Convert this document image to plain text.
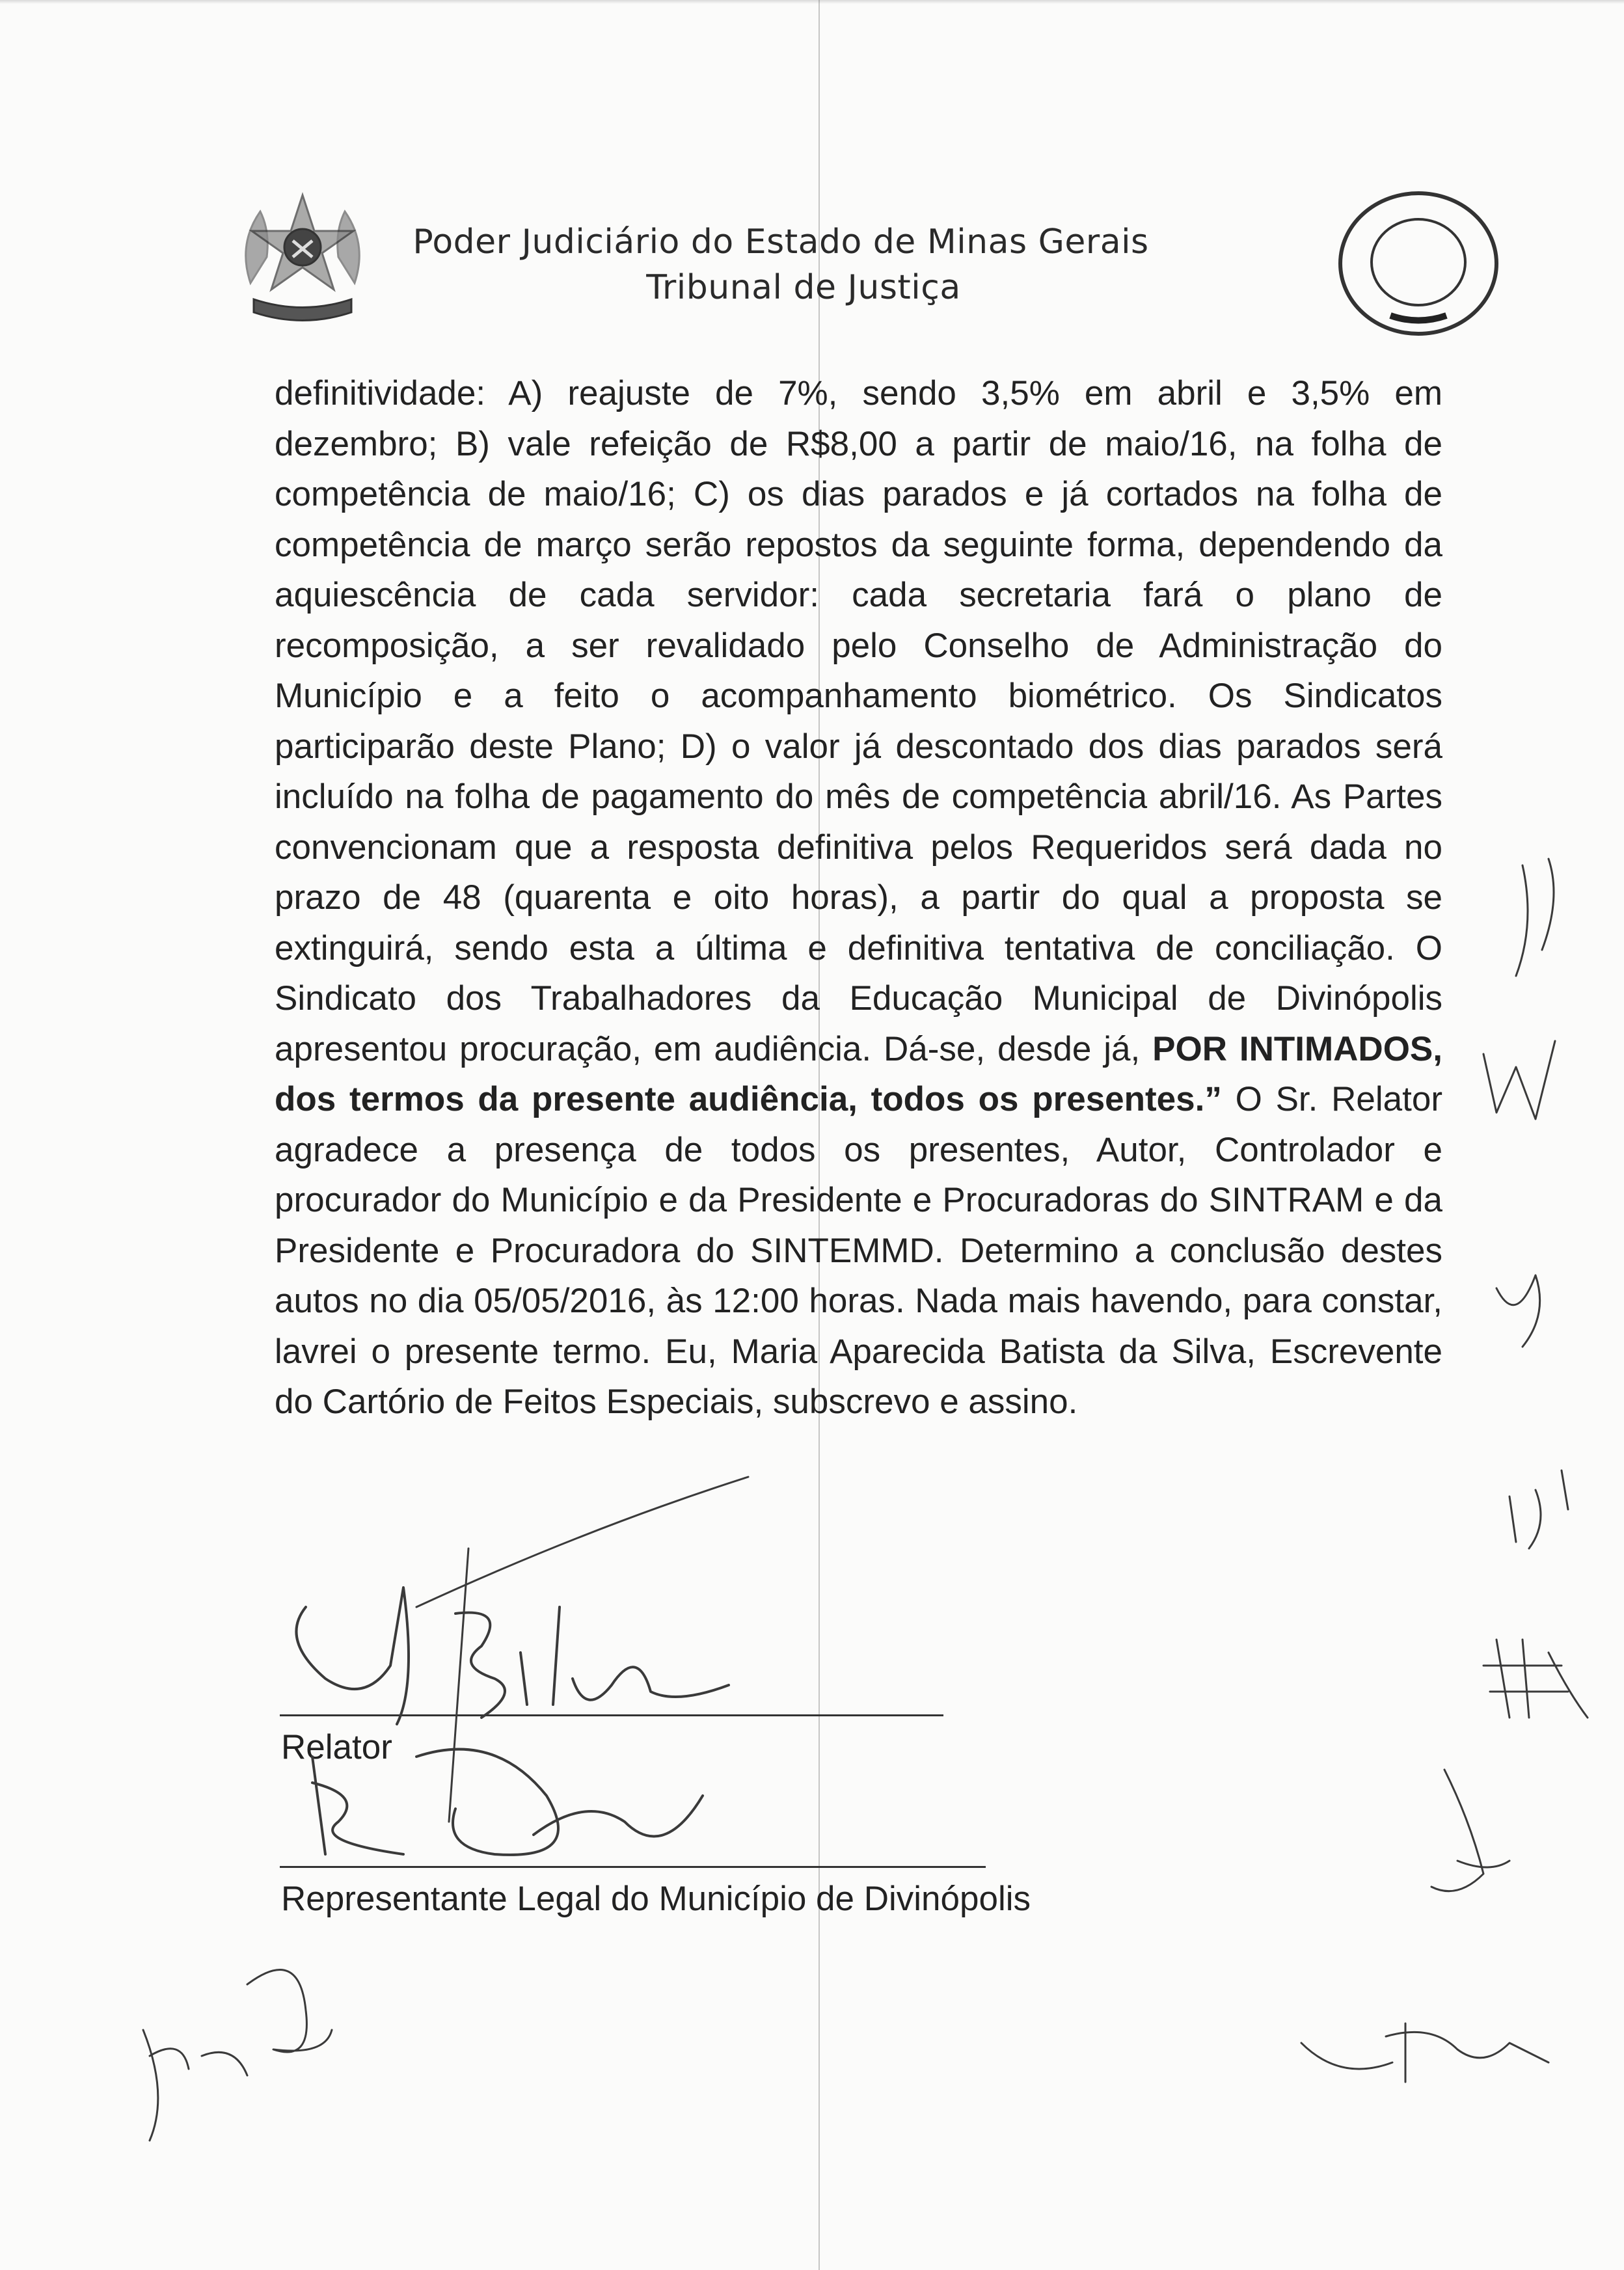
Poder Judiciário do Estado de Minas Gerais
Tribunal de Justiça

definitividade: A) reajuste de 7%, sendo 3,5% em abril e 3,5% em dezembro; B) vale refeição de R$8,00 a partir de maio/16, na folha de competência de maio/16; C) os dias parados e já cortados na folha de competência de março serão repostos da seguinte forma, dependendo da aquiescência de cada servidor: cada secretaria fará o plano de recomposição, a ser revalidado pelo Conselho de Administração do Município e a feito o acompanhamento biométrico. Os Sindicatos participarão deste Plano; D) o valor já descontado dos dias parados será incluído na folha de pagamento do mês de competência abril/16. As Partes convencionam que a resposta definitiva pelos Requeridos será dada no prazo de 48 (quarenta e oito horas), a partir do qual a proposta se extinguirá, sendo esta a última e definitiva tentativa de conciliação. O Sindicato dos Trabalhadores da Educação Municipal de Divinópolis apresentou procuração, em audiência. Dá-se, desde já, POR INTIMADOS, dos termos da presente audiência, todos os presentes.” O Sr. Relator agradece a presença de todos os presentes, Autor, Controlador e procurador do Município e da Presidente e Procuradoras do SINTRAM e da Presidente e Procuradora do SINTEMMD. Determino a conclusão destes autos no dia 05/05/2016, às 12:00 horas. Nada mais havendo, para constar, lavrei o presente termo. Eu, Maria Aparecida Batista da Silva, Escrevente do Cartório de Feitos Especiais, subscrevo e assino.

Relator
Representante Legal do Município de Divinópolis
